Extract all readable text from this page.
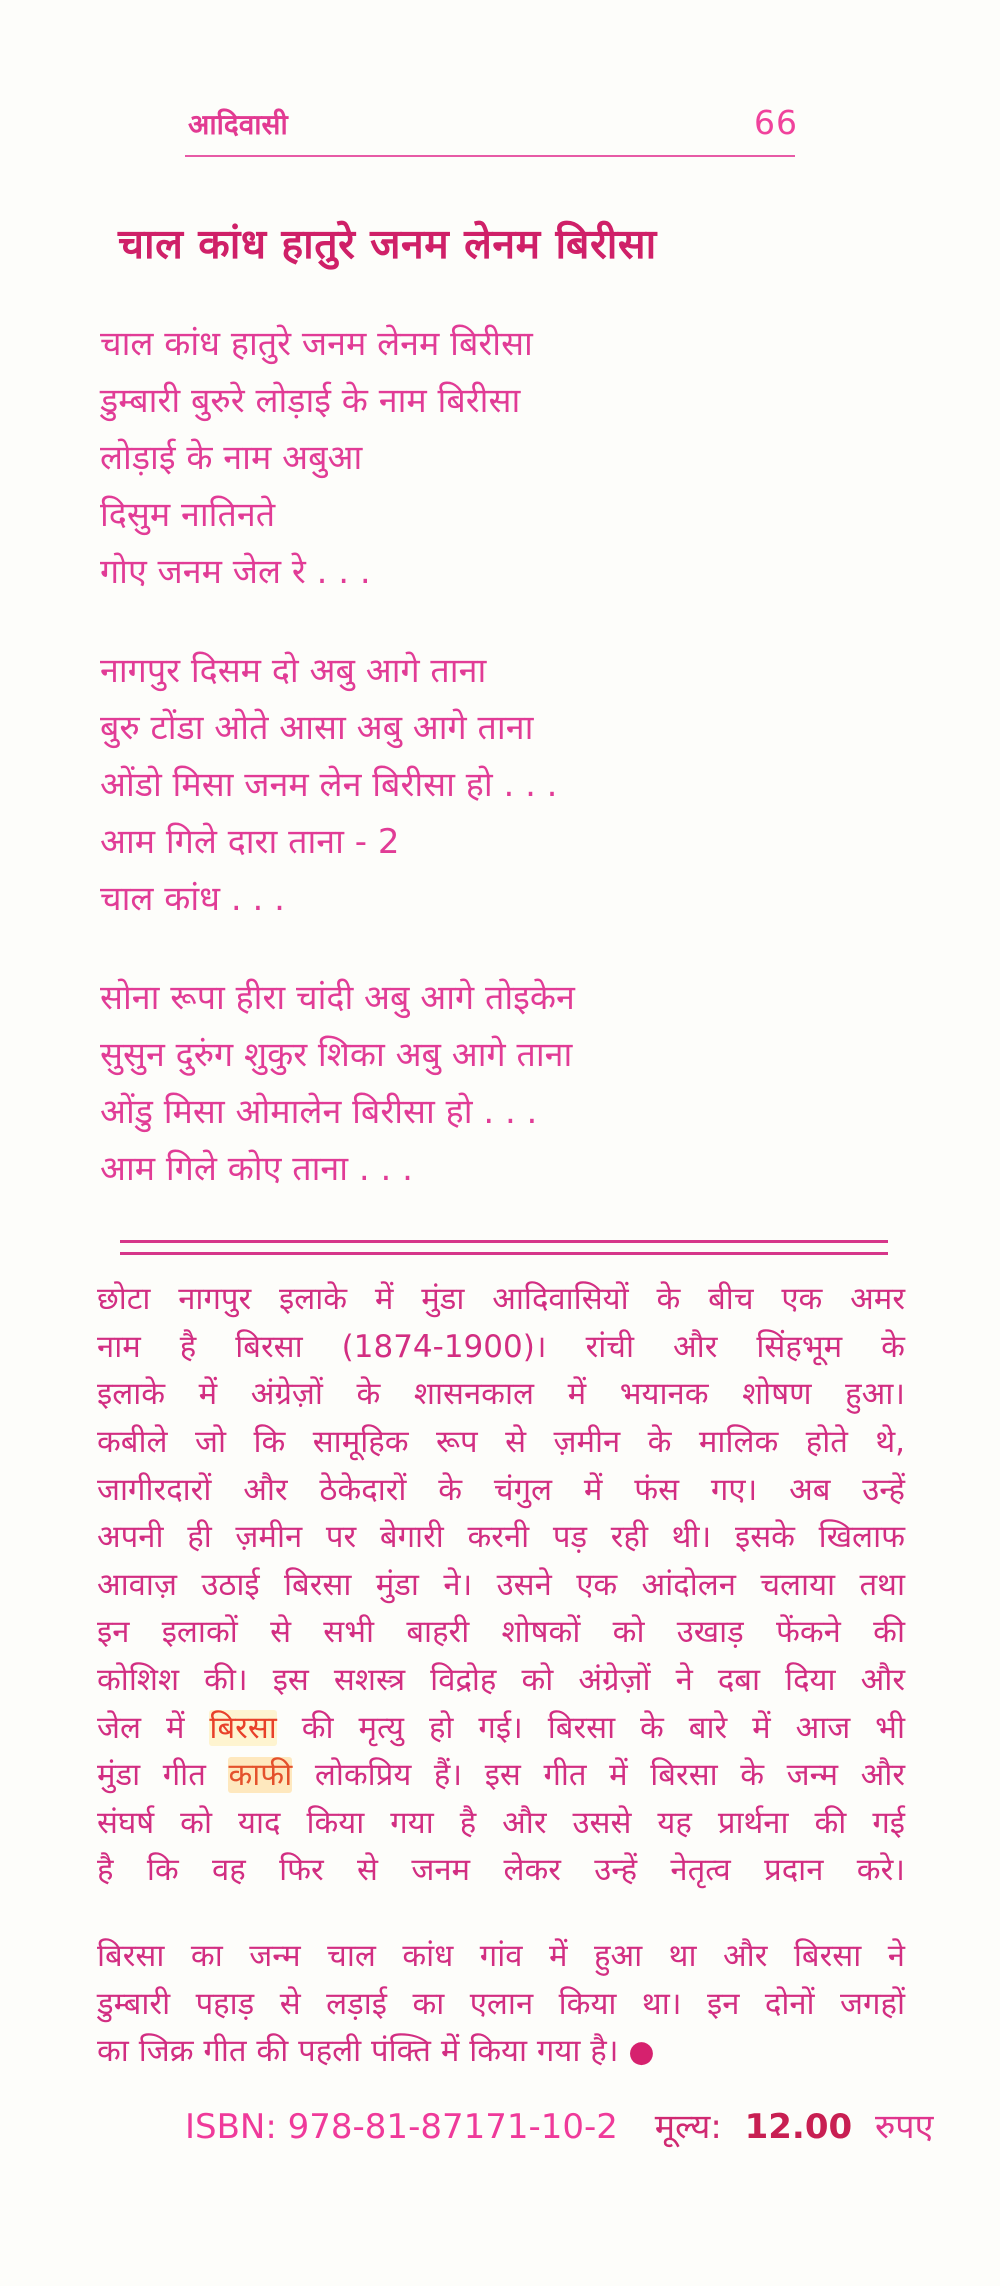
आदिवासी	66
चाल कांध हातुरे जनम लेनम बिरीसा
चाल कांध हातुरे जनम लेनम बिरीसा
डुम्बारी बुरुरे लोड़ाई के नाम बिरीसा
लोड़ाई के नाम अबुआ
दिसुम नातिनते
गोए जनम जेल रे . . .
नागपुर दिसम दो अबु आगे ताना
बुरु टोंडा ओते आसा अबु आगे ताना
ओंडो मिसा जनम लेन बिरीसा हो . . .
आम गिले दारा ताना - 2
चाल कांध . . .
सोना रूपा हीरा चांदी अबु आगे तोइकेन
सुसुन दुरुंग शुकुर शिका अबु आगे ताना
ओंडु मिसा ओमालेन बिरीसा हो . . .
आम गिले कोए ताना . . .
छोटा नागपुर इलाके में मुंडा आदिवासियों के बीच एक अमर
नाम है बिरसा (1874-1900)। रांची और सिंहभूम के
इलाके में अंग्रेज़ों के शासनकाल में भयानक शोषण हुआ।
कबीले जो कि सामूहिक रूप से ज़मीन के मालिक होते थे,
जागीरदारों और ठेकेदारों के चंगुल में फंस गए। अब उन्हें
अपनी ही ज़मीन पर बेगारी करनी पड़ रही थी। इसके खिलाफ
आवाज़ उठाई बिरसा मुंडा ने। उसने एक आंदोलन चलाया तथा
इन इलाकों से सभी बाहरी शोषकों को उखाड़ फेंकने की
कोशिश की। इस सशस्त्र विद्रोह को अंग्रेज़ों ने दबा दिया और
जेल में बिरसा की मृत्यु हो गई। बिरसा के बारे में आज भी
मुंडा गीत काफी लोकप्रिय हैं। इस गीत में बिरसा के जन्म और
संघर्ष को याद किया गया है और उससे यह प्रार्थना की गई
है कि वह फिर से जनम लेकर उन्हें नेतृत्व प्रदान करे।
बिरसा का जन्म चाल कांध गांव में हुआ था और बिरसा ने
डुम्बारी पहाड़ से लड़ाई का एलान किया था। इन दोनों जगहों
का जिक्र गीत की पहली पंक्ति में किया गया है। ●
ISBN: 978-81-87171-10-2 मूल्य: 12.00 रुपए
